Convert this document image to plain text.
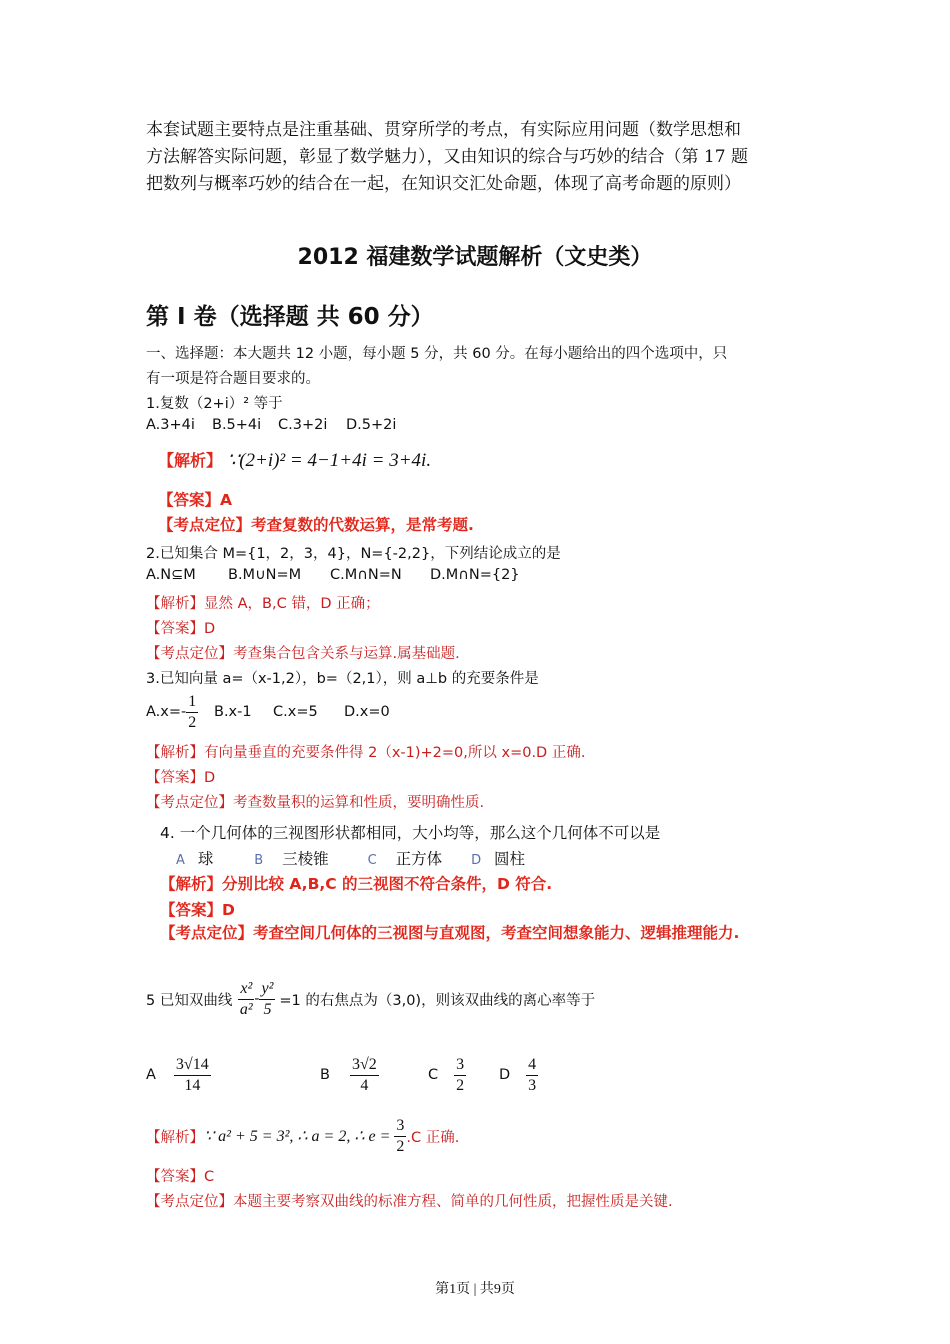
本套试题主要特点是注重基础、贯穿所学的考点，有实际应用问题（数学思想和
方法解答实际问题，彰显了数学魅力），又由知识的综合与巧妙的结合（第 17 题
把数列与概率巧妙的结合在一起，在知识交汇处命题，体现了高考命题的原则）
2012 福建数学试题解析（文史类）
第 I 卷（选择题 共 60 分）
一、选择题：本大题共 12 小题，每小题 5 分，共 60 分。在每小题给出的四个选项中，只
有一项是符合题目要求的。
1.复数（2+i）² 等于
A.3+4i B.5+4i C.3+2i D.5+2i
【解析】 ∵(2+i)² = 4−1+4i = 3+4i.
【答案】A
【考点定位】考查复数的代数运算，是常考题.
2.已知集合 M={1，2，3，4}，N={-2,2}，下列结论成立的是
A.N⊆M B.M∪N=M C.M∩N=N D.M∩N={2}
【解析】显然 A，B,C 错，D 正确；
【答案】D
【考点定位】考查集合包含关系与运算.属基础题.
3.已知向量 a=（x-1,2），b=（2,1），则 a⊥b 的充要条件是
$A.x=- \frac{1}{2} B.x-1$ C.x=5 D.x=0
【解析】有向量垂直的充要条件得 2（x-1)+2=0,所以 x=0.D 正确.
【答案】D
【考点定位】考查数量积的运算和性质，要明确性质.
4. 一个几何体的三视图形状都相同，大小均等，那么这个几何体不可以是
A 球	B 三棱锥	C 正方体 D 圆柱
【解析】分别比较 A,B,C 的三视图不符合条件，D 符合.
【答案】D
【考点定位】考查空间几何体的三视图与直观图，考查空间想象能力、逻辑推理能力.
5 已知双曲线 $\frac{\text{x²}}{\text{a²}} - \frac{\text{y²}}{5} =1$ 的右焦点为（3,0)，则该双曲线的离心率等于
A $\frac{3√14}{14}$	B $\frac{3√2}{4}$	C $\frac{3}{2}$ D $\frac{4}{3}$
【解析】 ∵ a² + 5 = 3², ∴ a = 2, ∴ $e = \frac{3}{2} .C$ 正确.
【答案】C
【考点定位】本题主要考察双曲线的标准方程、简单的几何性质，把握性质是关键.
第1页 | 共9页
